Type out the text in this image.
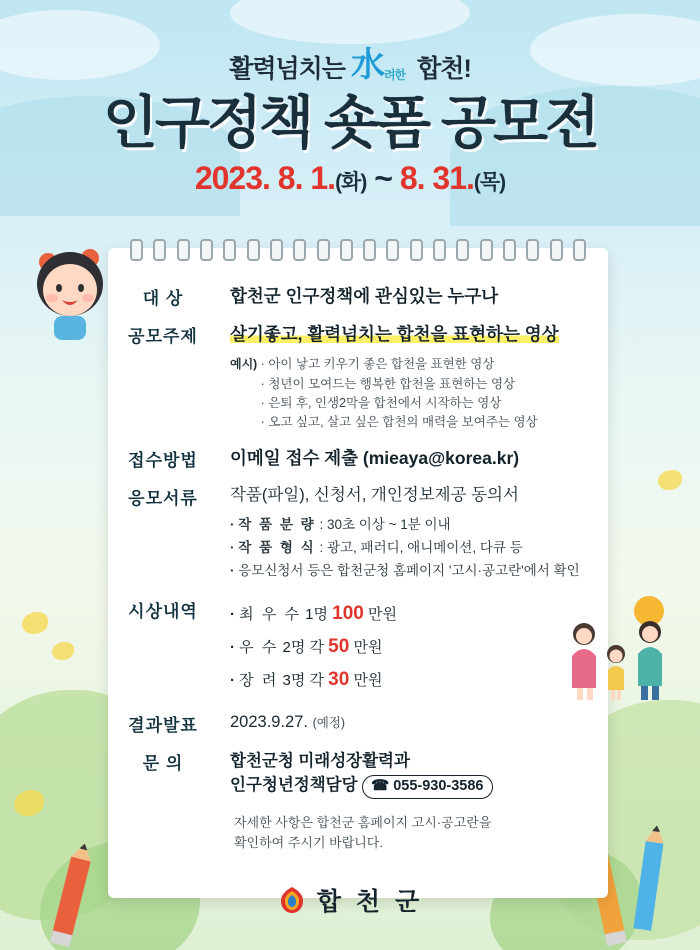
활력넘치는 水 려한 합천!
인구정책 숏폼 공모전
2023. 8. 1.(화) ~ 8. 31.(목)
대 상	합천군 인구정책에 관심있는 누구나
공모주제	살기좋고, 활력넘치는 합천을 표현하는 영상
예시) · 아이 낳고 키우기 좋은 합천을 표현한 영상
· 청년이 모여드는 행복한 합천을 표현하는 영상
· 은퇴 후, 인생2막을 합천에서 시작하는 영상
· 오고 싶고, 살고 싶은 합천의 매력을 보여주는 영상
접수방법	이메일 접수 제출 (mieaya@korea.kr)
응모서류	작품(파일), 신청서, 개인정보제공 동의서
· 작 품 분 량 : 30초 이상 ~ 1분 이내
· 작 품 형 식 : 광고, 패러디, 애니메이션, 다큐 등
· 응모신청서 등은 합천군청 홈페이지 '고시·공고란'에서 확인
시상내역	· 최 우 수 1명 100 만원
· 우 수 2명 각 50 만원
· 장 려 3명 각 30 만원
결과발표	2023.9.27. (예정)
문 의	합천군청 미래성장활력과
인구청년정책담당 ☎ 055-930-3586
자세한 사항은 합천군 홈페이지 고시·공고란을
확인하여 주시기 바랍니다.
합 천 군
